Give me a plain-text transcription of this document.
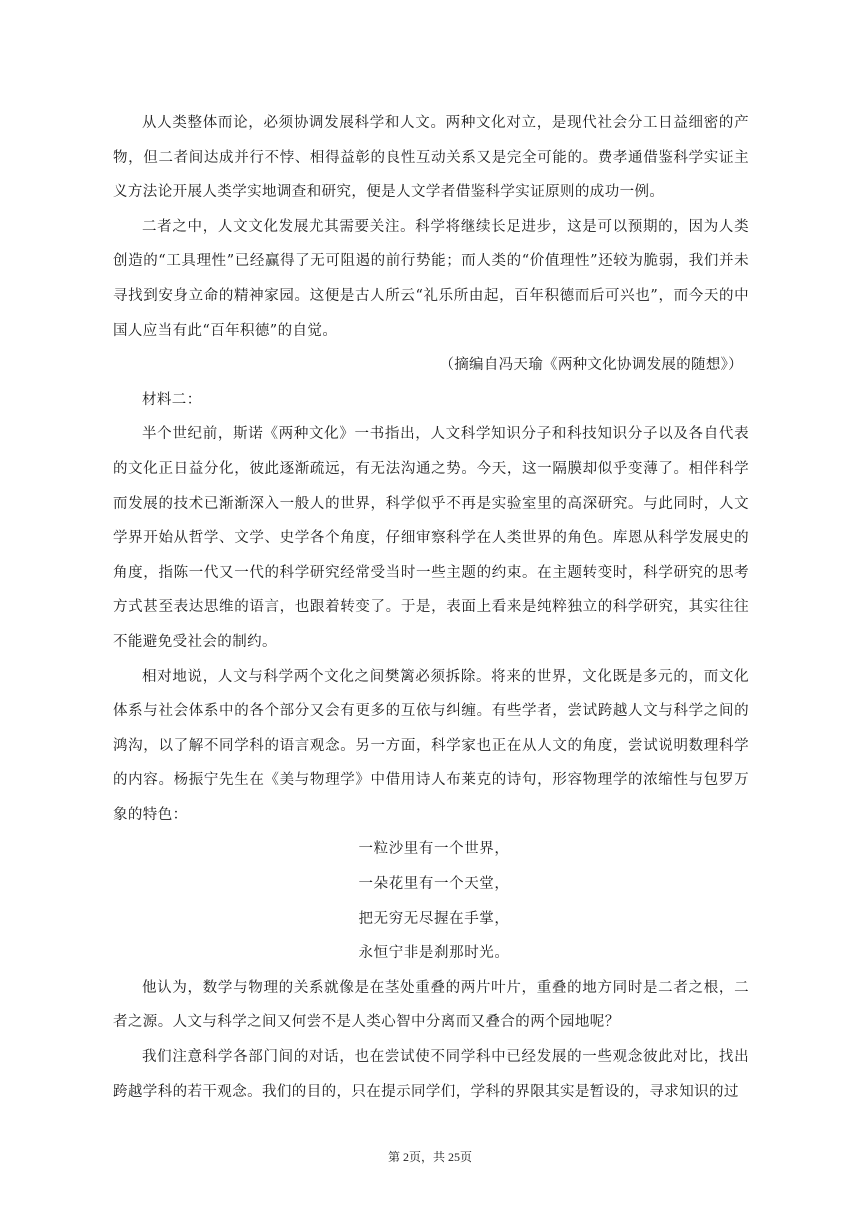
从人类整体而论，必须协调发展科学和人文。两种文化对立，是现代社会分工日益细密的产物，但二者间达成并行不悖、相得益彰的良性互动关系又是完全可能的。费孝通借鉴科学实证主义方法论开展人类学实地调查和研究，便是人文学者借鉴科学实证原则的成功一例。

二者之中，人文文化发展尤其需要关注。科学将继续长足进步，这是可以预期的，因为人类创造的“工具理性”已经赢得了无可阻遏的前行势能；而人类的“价值理性”还较为脆弱，我们并未寻找到安身立命的精神家园。这便是古人所云“礼乐所由起，百年积德而后可兴也”，而今天的中国人应当有此“百年积德”的自觉。

（摘编自冯天瑜《两种文化协调发展的随想》）

材料二：

半个世纪前，斯诺《两种文化》一书指出，人文科学知识分子和科技知识分子以及各自代表的文化正日益分化，彼此逐渐疏远，有无法沟通之势。今天，这一隔膜却似乎变薄了。相伴科学而发展的技术已渐渐深入一般人的世界，科学似乎不再是实验室里的高深研究。与此同时，人文学界开始从哲学、文学、史学各个角度，仔细审察科学在人类世界的角色。库恩从科学发展史的角度，指陈一代又一代的科学研究经常受当时一些主题的约束。在主题转变时，科学研究的思考方式甚至表达思维的语言，也跟着转变了。于是，表面上看来是纯粹独立的科学研究，其实往往不能避免受社会的制约。

相对地说，人文与科学两个文化之间樊篱必须拆除。将来的世界，文化既是多元的，而文化体系与社会体系中的各个部分又会有更多的互依与纠缠。有些学者，尝试跨越人文与科学之间的鸿沟，以了解不同学科的语言观念。另一方面，科学家也正在从人文的角度，尝试说明数理科学的内容。杨振宁先生在《美与物理学》中借用诗人布莱克的诗句，形容物理学的浓缩性与包罗万象的特色：

一粒沙里有一个世界，
一朵花里有一个天堂，
把无穷无尽握在手掌，
永恒宁非是刹那时光。

他认为，数学与物理的关系就像是在茎处重叠的两片叶片，重叠的地方同时是二者之根，二者之源。人文与科学之间又何尝不是人类心智中分离而又叠合的两个园地呢？

我们注意科学各部门间的对话，也在尝试使不同学科中已经发展的一些观念彼此对比，找出跨越学科的若干观念。我们的目的，只在提示同学们，学科的界限其实是暂设的，寻求知识的过

第 2页，共 25页
